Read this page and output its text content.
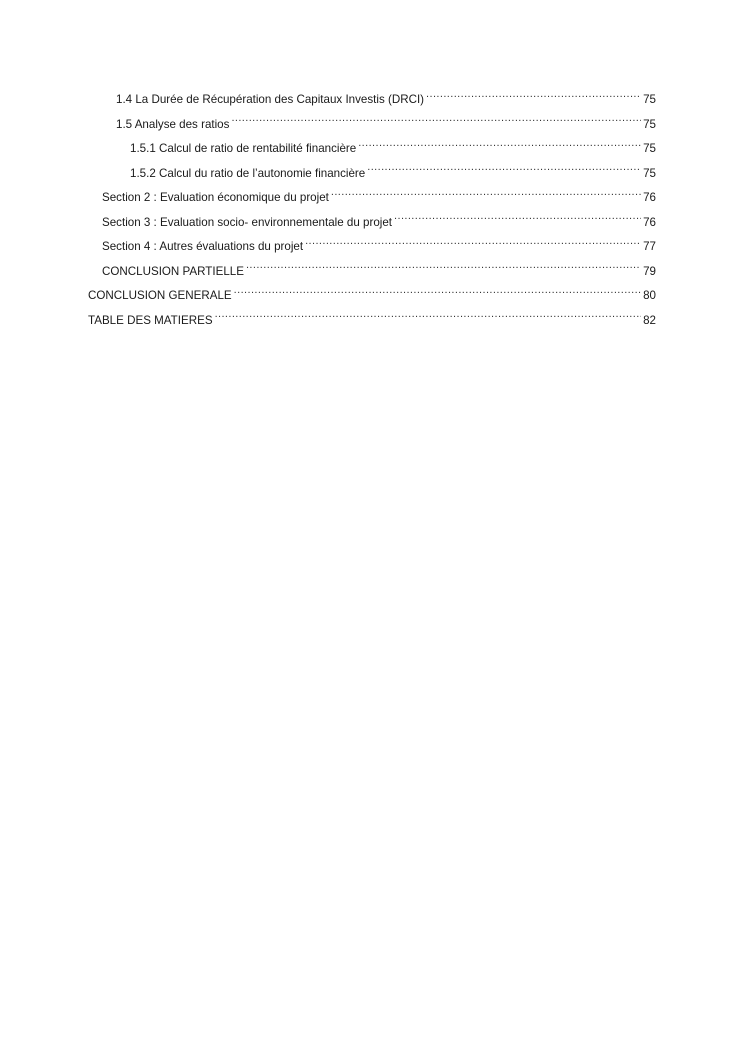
1.4 La Durée de Récupération des Capitaux Investis (DRCI) .....	75
1.5 Analyse des ratios .....	75
1.5.1 Calcul de ratio de rentabilité financière .....	75
1.5.2 Calcul du ratio de l’autonomie financière .....	75
Section 2 : Evaluation économique du projet .....	76
Section 3 : Evaluation socio- environnementale du projet .....	76
Section 4 : Autres évaluations du projet .....	77
CONCLUSION PARTIELLE .....	79
CONCLUSION GENERALE .....	80
TABLE DES MATIERES .....	82
